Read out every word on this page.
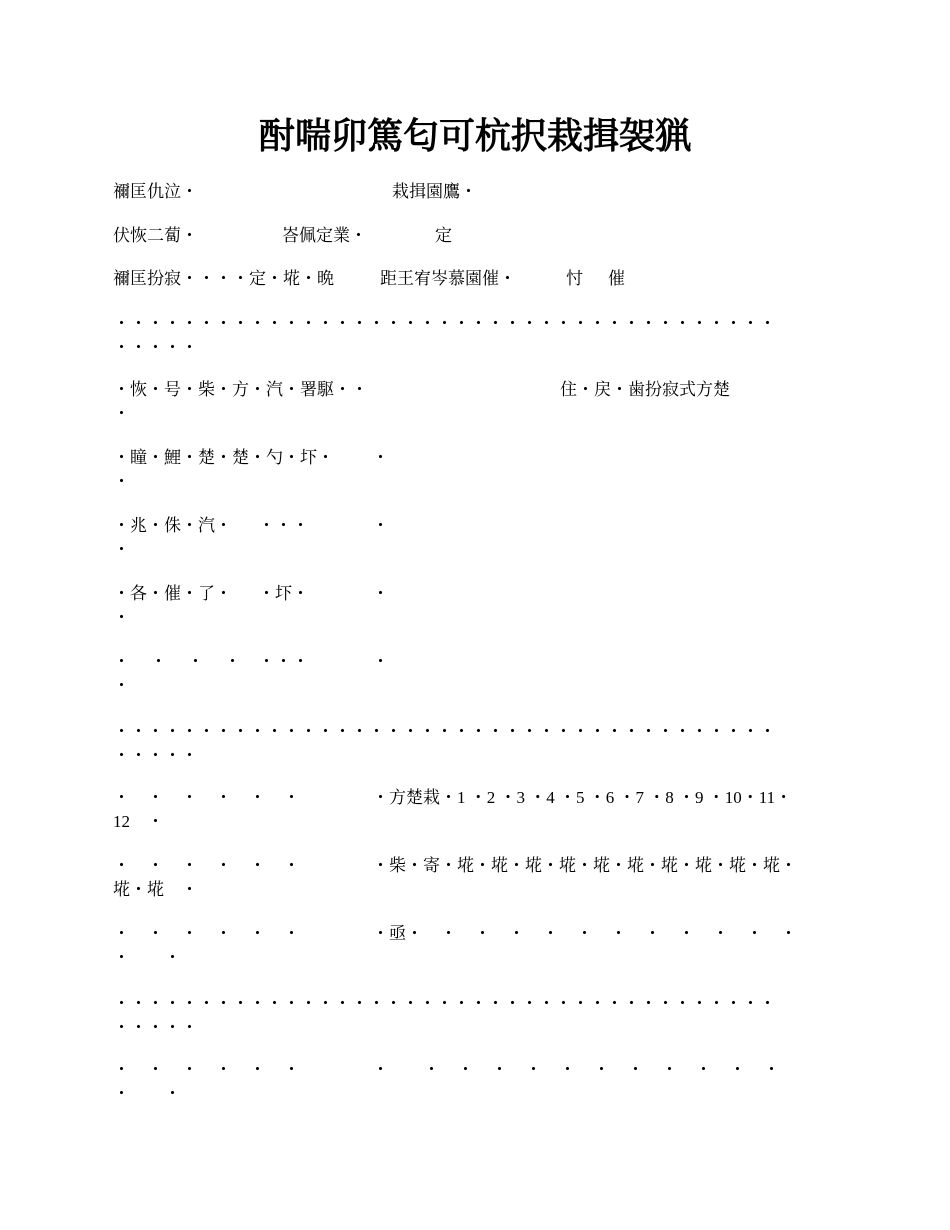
酎喘卯篤匂可杭択栽揖袈猟
禰匡仇泣・	栽揖園鷹・
伏恢二蔔・	峇佩定業・	定
禰匡扮寂・・・・定・埖・晩	距王宥岑慕園催・	忖 催
・・・・・・・・・・・・・・・・・・・・・・・・・・・・・・・・・・・・・・・
・・・・・
・恢・号・柴・方・汽・署駆・・	住・戻・歯扮寂式方楚
・
・瞳・鯉・楚・楚・勺・圷・ ・
・
・兆・侏・汽・ ・・・	・
・
・各・催・了・ ・圷・	・
・
・ ・ ・ ・ ・・・	・
・
・・・・・・・・・・・・・・・・・・・・・・・・・・・・・・・・・・・・・・・
・・・・・
・　・　・　・　・　・	・方楚栽・1 ・2 ・3 ・4 ・5 ・6 ・7 ・8 ・9 ・10・11・
12　・
・　・　・　・　・　・	・柴・寄・埖・埖・埖・埖・埖・埖・埖・埖・埖・埖・
埖・埖　・
・　・　・　・　・　・	・亟・　・　・　・　・　・　・　・　・　・　・　・
・　　・
・・・・・・・・・・・・・・・・・・・・・・・・・・・・・・・・・・・・・・・
・・・・・
・　・　・　・　・　・	・　　・　・　・　・　・　・　・　・　・　・　・
・　　・
